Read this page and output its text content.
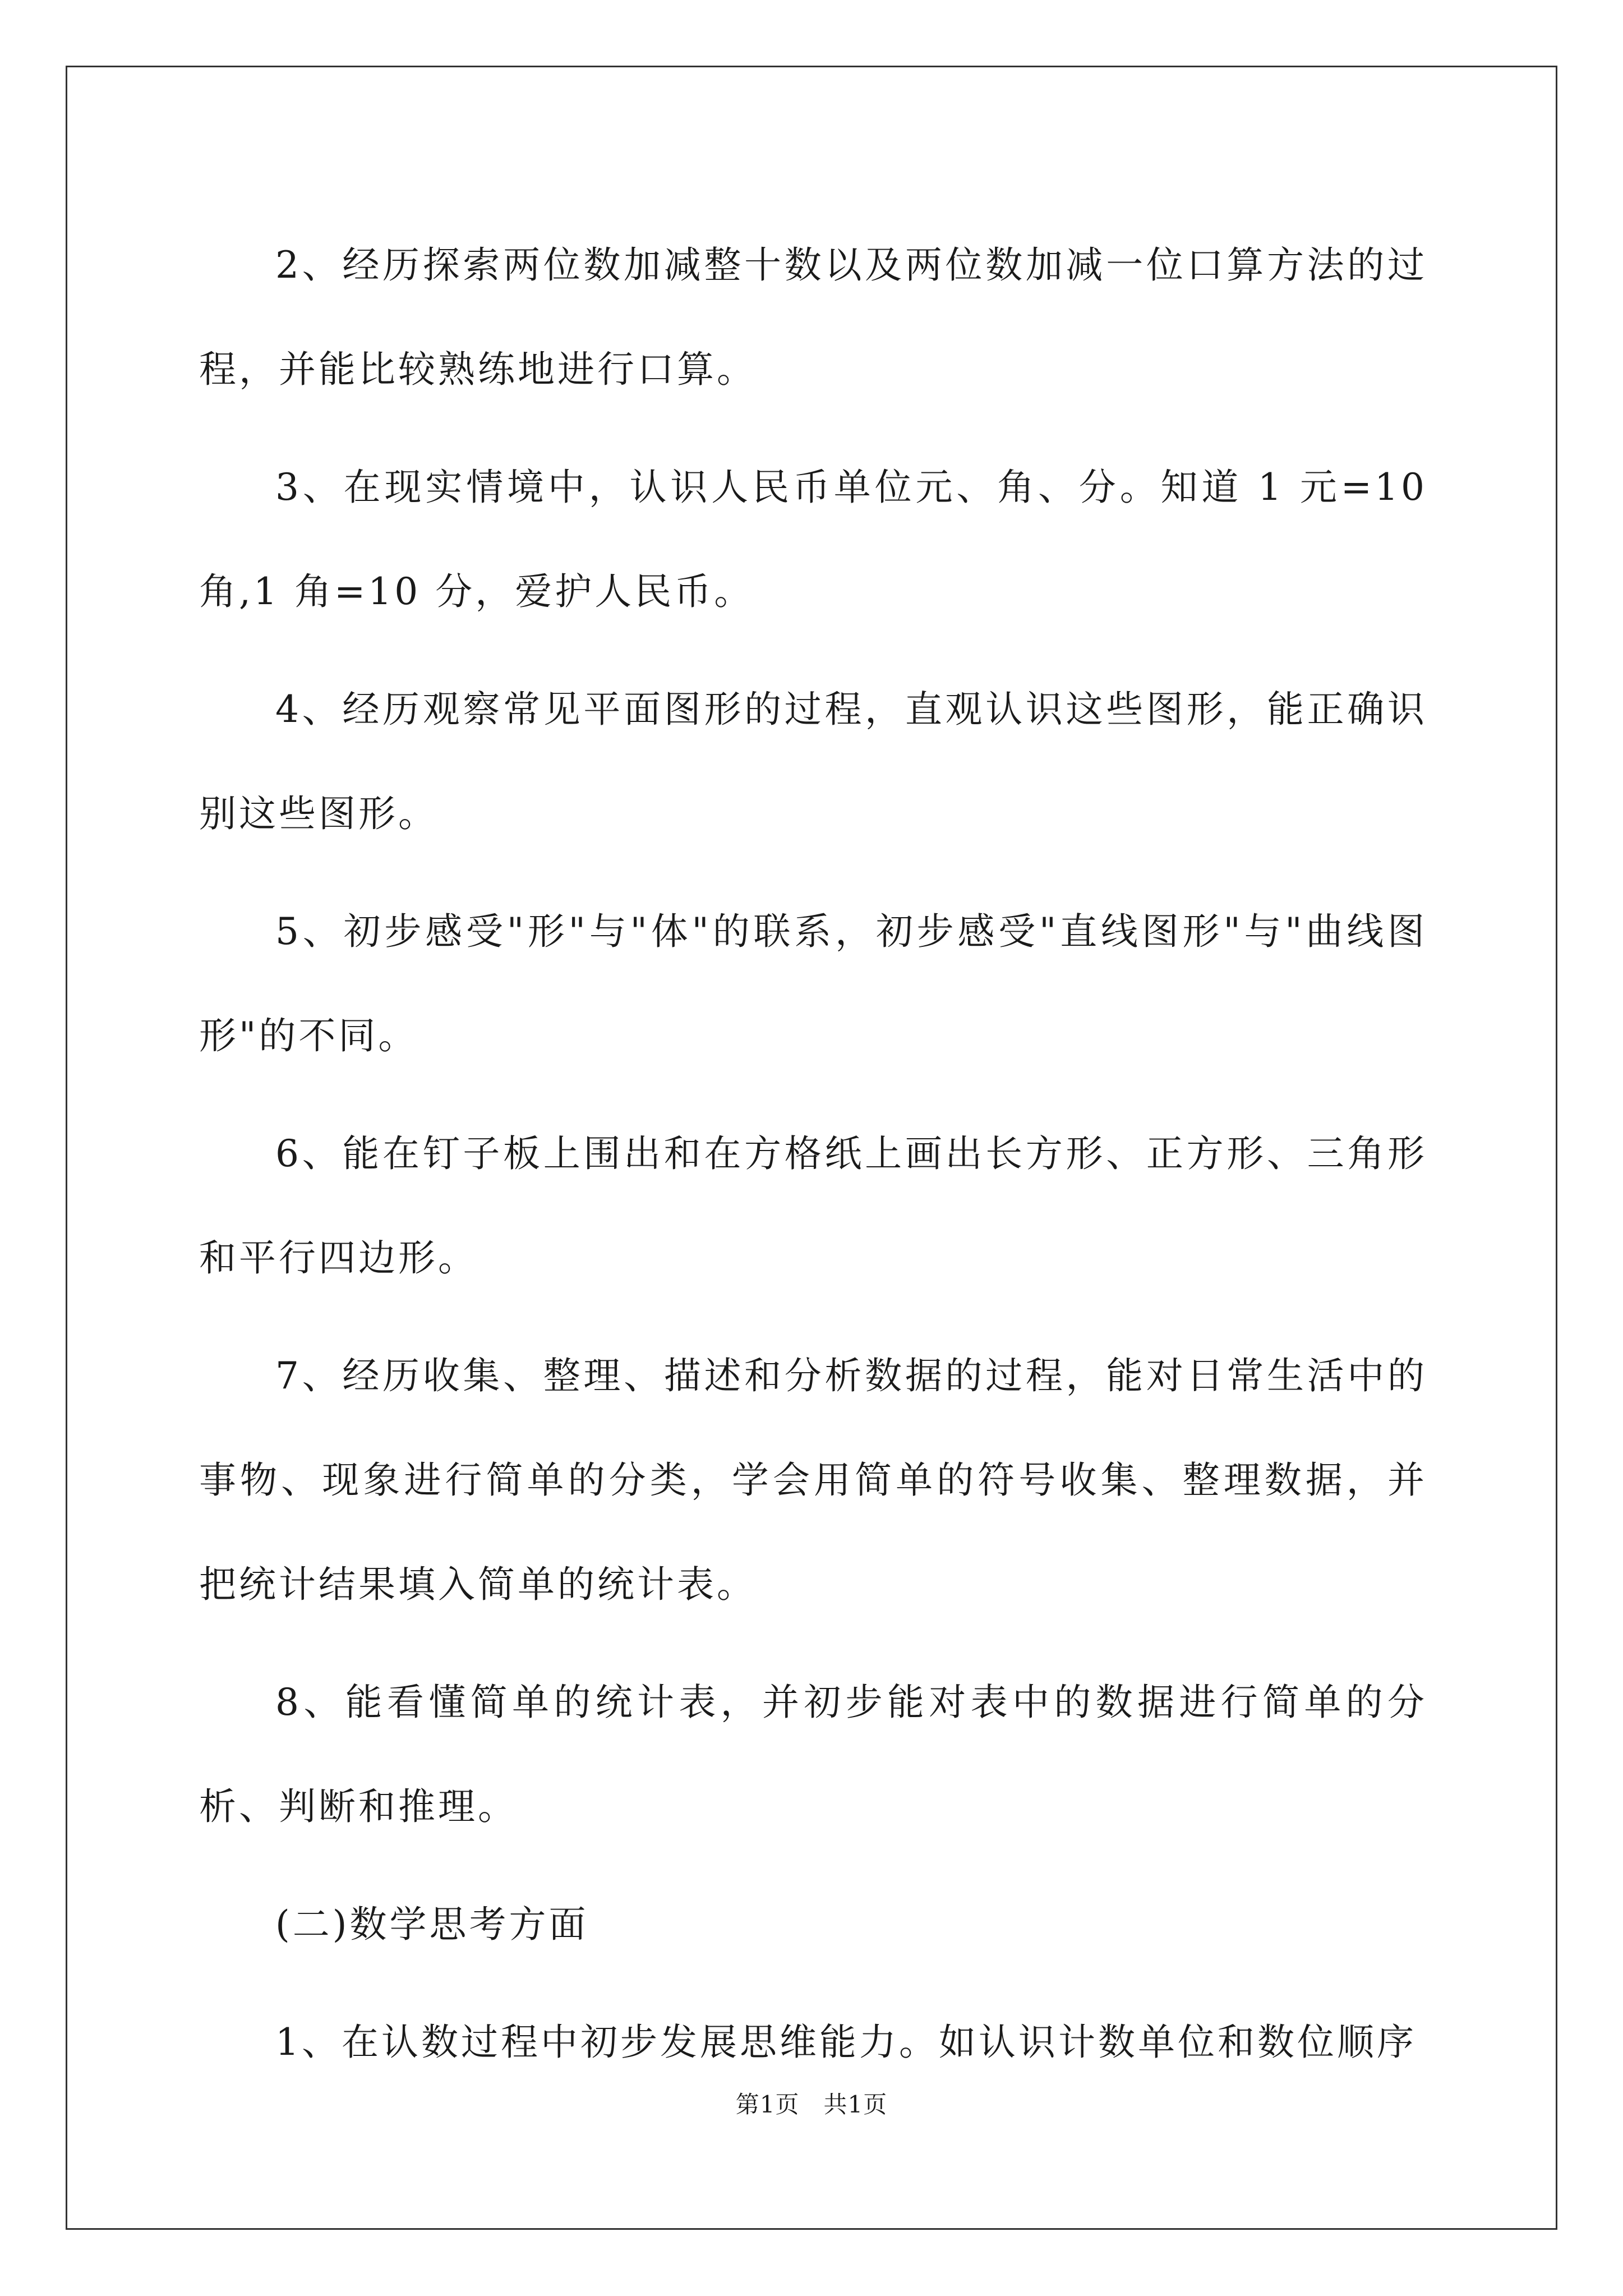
2、经历探索两位数加减整十数以及两位数加减一位口算方法的过程，并能比较熟练地进行口算。

3、在现实情境中，认识人民币单位元、角、分。知道 1 元=10 角,1 角=10 分，爱护人民币。

4、经历观察常见平面图形的过程，直观认识这些图形，能正确识别这些图形。

5、初步感受"形"与"体"的联系，初步感受"直线图形"与"曲线图形"的不同。

6、能在钉子板上围出和在方格纸上画出长方形、正方形、三角形和平行四边形。

7、经历收集、整理、描述和分析数据的过程，能对日常生活中的事物、现象进行简单的分类，学会用简单的符号收集、整理数据，并把统计结果填入简单的统计表。

8、能看懂简单的统计表，并初步能对表中的数据进行简单的分析、判断和推理。

(二)数学思考方面

1、在认数过程中初步发展思维能力。如认识计数单位和数位顺序

第1页   共1页
